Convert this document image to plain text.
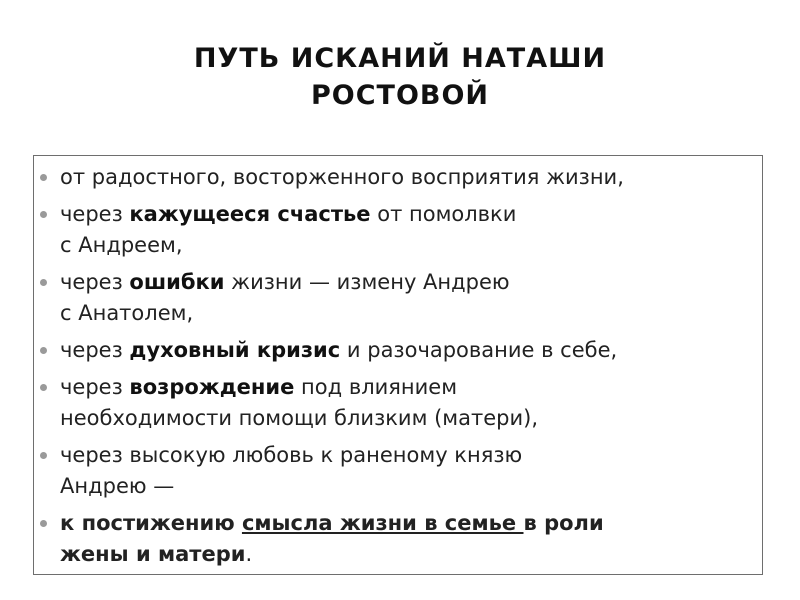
ПУТЬ ИСКАНИЙ НАТАШИ
РОСТОВОЙ
от радостного, восторженного восприятия жизни,
через кажущееся счастье от помолвки
с Андреем,
через ошибки жизни — измену Андрею
с Анатолем,
через духовный кризис и разочарование в себе,
через возрождение под влиянием
необходимости помощи близким (матери),
через высокую любовь к раненому князю
Андрею —
к постижению смысла жизни в семье в роли
жены и матери.
